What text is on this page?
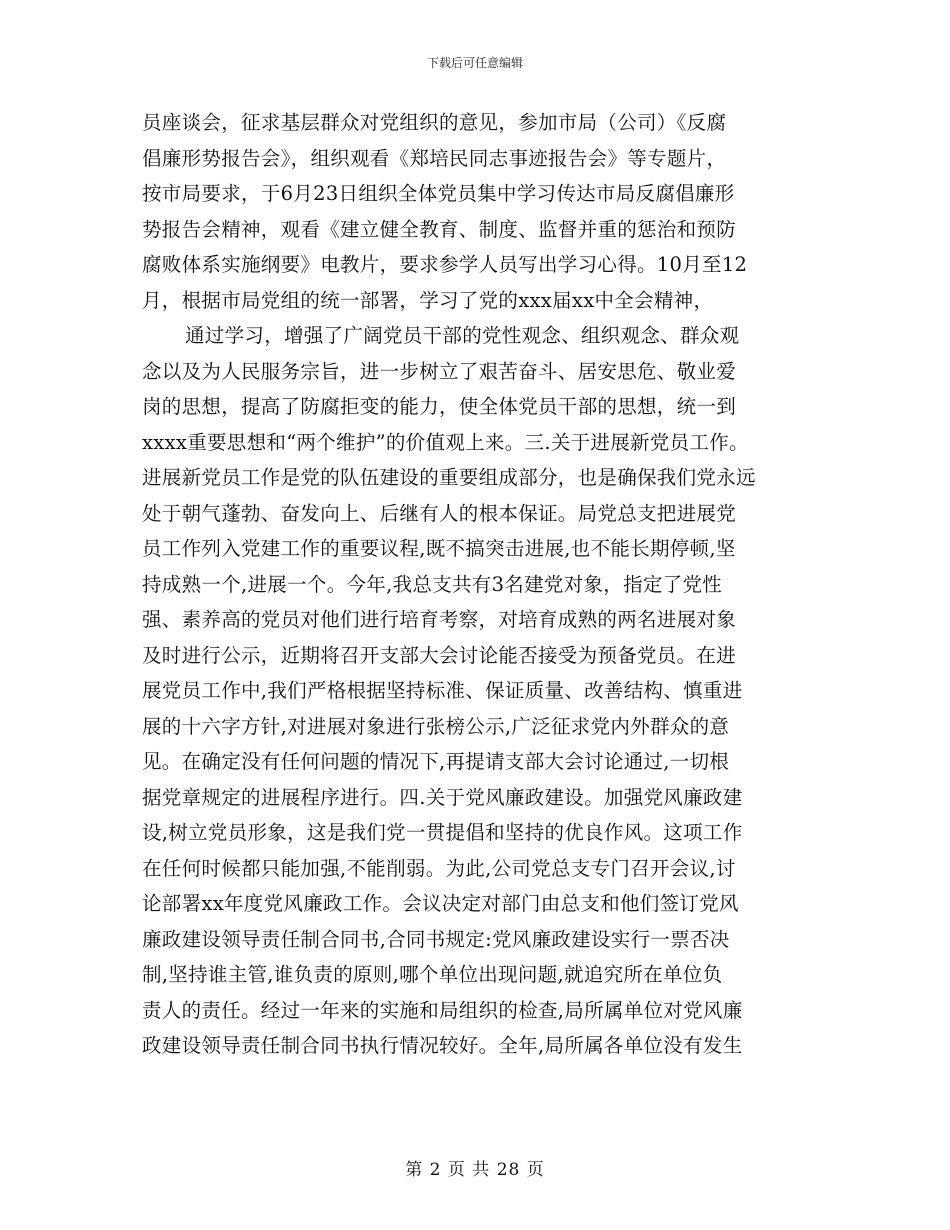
下载后可任意编辑
员座谈会，征求基层群众对党组织的意见，参加市局（公司）《反腐
倡廉形势报告会》，组织观看《郑培民同志事迹报告会》等专题片，
按市局要求，于6月23日组织全体党员集中学习传达市局反腐倡廉形
势报告会精神，观看《建立健全教育、制度、监督并重的惩治和预防
腐败体系实施纲要》电教片，要求参学人员写出学习心得。10月至12
月，根据市局党组的统一部署，学习了党的xxx届xx中全会精神，
通过学习，增强了广阔党员干部的党性观念、组织观念、群众观
念以及为人民服务宗旨，进一步树立了艰苦奋斗、居安思危、敬业爱
岗的思想，提高了防腐拒变的能力，使全体党员干部的思想，统一到
xxxx重要思想和“两个维护”的价值观上来。三.关于进展新党员工作。
进展新党员工作是党的队伍建设的重要组成部分，也是确保我们党永远
处于朝气蓬勃、奋发向上、后继有人的根本保证。局党总支把进展党
员工作列入党建工作的重要议程,既不搞突击进展,也不能长期停顿,坚
持成熟一个,进展一个。今年,我总支共有3名建党对象，指定了党性
强、素养高的党员对他们进行培育考察，对培育成熟的两名进展对象
及时进行公示，近期将召开支部大会讨论能否接受为预备党员。在进
展党员工作中,我们严格根据坚持标准、保证质量、改善结构、慎重进
展的十六字方针,对进展对象进行张榜公示,广泛征求党内外群众的意
见。在确定没有任何问题的情况下,再提请支部大会讨论通过,一切根
据党章规定的进展程序进行。四.关于党风廉政建设。加强党风廉政建
设,树立党员形象，这是我们党一贯提倡和坚持的优良作风。这项工作
在任何时候都只能加强,不能削弱。为此,公司党总支专门召开会议,讨
论部署xx年度党风廉政工作。会议决定对部门由总支和他们签订党风
廉政建设领导责任制合同书,合同书规定:党风廉政建设实行一票否决
制,坚持谁主管,谁负责的原则,哪个单位出现问题,就追究所在单位负
责人的责任。经过一年来的实施和局组织的检查,局所属单位对党风廉
政建设领导责任制合同书执行情况较好。全年,局所属各单位没有发生
第 2 页 共 28 页
